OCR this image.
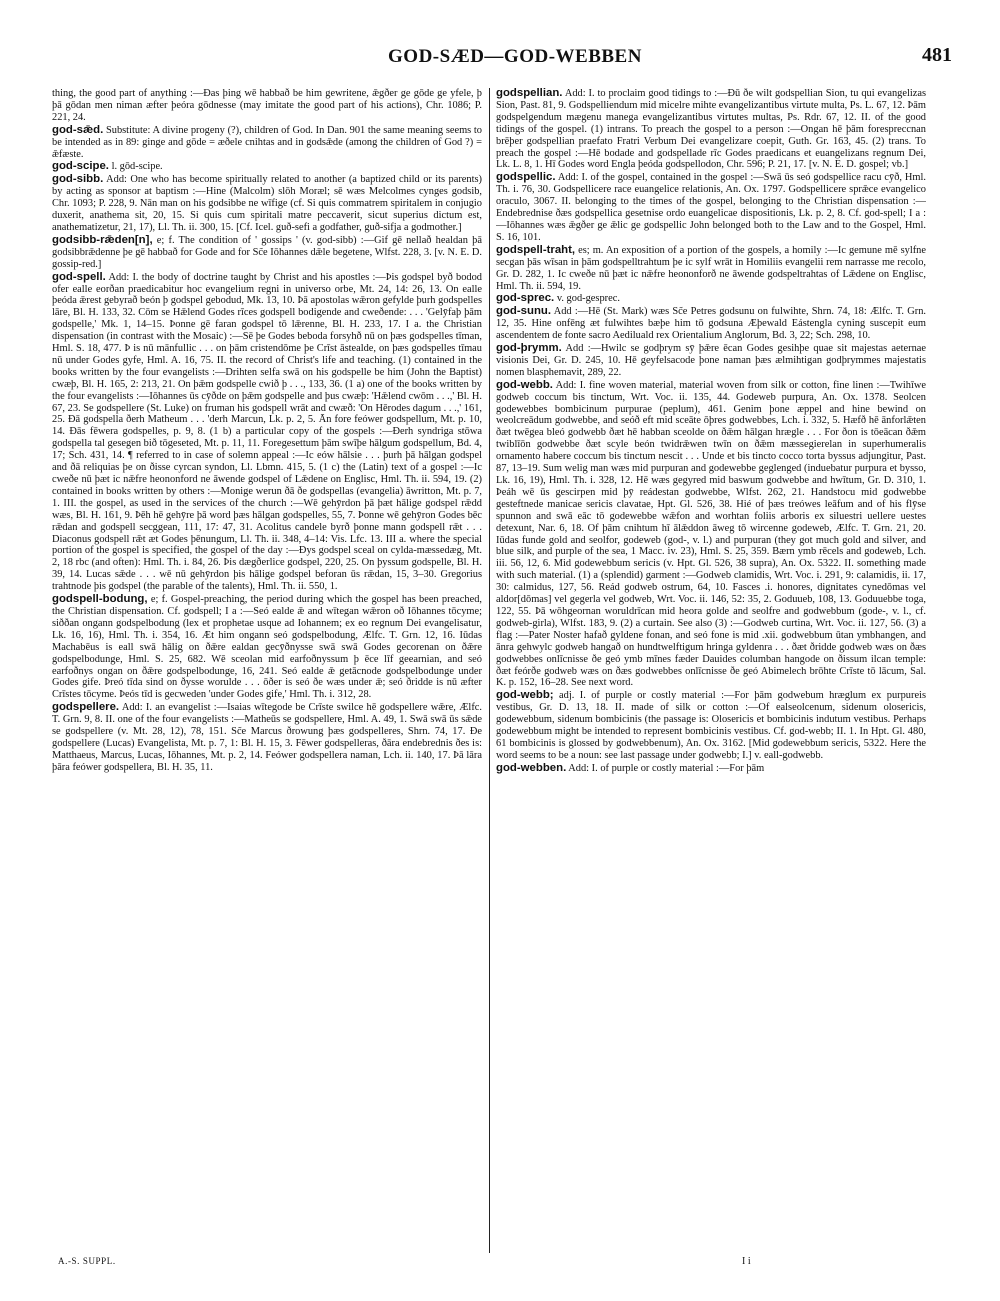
GOD-SÆD—GOD-WEBBEN	481

thing, the good part of anything :—Ðas þing wē habbað be him gewritene, ǣgðer ge gōde ge yfele, þ þā gōdan men niman æfter þeóra gōdnesse (may imitate the good part of his actions), Chr. 1086; P. 221, 24.

god-sǣd. Substitute: A divine progeny (?), children of God. In Dan. 901 the same meaning seems to be intended as in 89: ginge and gōde = æðele cnihtas and in godsǣde (among the children of God ?) = ǣfæste.

god-scipe. l. gōd-scipe.

god-sibb. Add: One who has become spiritually related to another (a baptized child or its parents) by acting as sponsor at baptism :—Hine (Malcolm) slōh Moræl; sē wæs Melcolmes cynges godsib, Chr. 1093; P. 228, 9. Nān man on his godsibbe ne wīfige (cf. Si quis commatrem spiritalem in conjugio duxerit, anathema sit, 20, 15. Si quis cum spiritali matre peccaverit, sicut superius dictum est, anathematizetur, 21, 17), Ll. Th. ii. 300, 15. [Cf. Icel. guð-sefi a godfather, guð-sifja a godmother.]

godsibb-rǣden[n], e; f. The condition of ' gossips ' (v. god-sibb) :—Gif gē nellað healdan þā godsibbrǣdenne þe gē habbað for Gode and for Sc̃e Iōhannes dǣle begetene, Wlfst. 228, 3. [v. N. E. D. gossip-red.]

god-spell. Add: I. the body of doctrine taught by Christ and his apostles :—Þis godspel byð bodod ofer ealle eorðan praedicabitur hoc evangelium regni in universo orbe, Mt. 24, 14: 26, 13. On ealle þeóda ǣrest gebyrað beón þ godspel gebodud, Mk. 13, 10. Þā apostolas wǣron gefylde þurh godspelles lāre, Bl. H. 133, 32. Cōm se Hǣlend Godes rīces godspell bodigende and cweðende: . . . 'Gelȳfaþ þām godspelle,' Mk. 1, 14–15. Þonne gē faran godspel tō lǣrenne, Bl. H. 233, 17. I a. the Christian dispensation (in contrast with the Mosaic) :—Sē þe Godes beboda forsyhð nū on þæs godspelles tīman, Hml. S. 18, 477. Þ is nū mānfullic . . . on þām cristendōme þe Crīst āstealde, on þæs godspelles tīmau nū under Godes gyfe, Hml. A. 16, 75. II. the record of Christ's life and teaching. (1) contained in the books written by the four evangelists :—Drihten selfa swā on his godspelle be him (John the Baptist) cwæþ, Bl. H. 165, 2: 213, 21. On þǣm godspelle cwið þ . . ., 133, 36. (1 a) one of the books written by the four evangelists :—Iōhannes ūs cȳðde on þǣm godspelle and þus cwæþ: 'Hǣlend cwōm . . .,' Bl. H. 67, 23. Se godspellere (St. Luke) on fruman his godspell wrāt and cwæð: 'On Hērodes dagum . . .,' 161, 25. Ðā godspella ðerh Matheum . . . 'derh Marcun, Lk. p. 2, 5. Ān fore feówer godspellum, Mt. p. 10, 14. Ðās fēwera godspelles, p. 9, 8. (1 b) a particular copy of the gospels :—Ðerh syndriga stōwa godspella tal gesegen bið tōgeseted, Mt. p. 11, 11. Foregesettum þām swīþe hālgum godspellum, Bd. 4, 17; Sch. 431, 14. ¶ referred to in case of solemn appeal :—Ic eów hālsie . . . þurh þā hālgan godspel and ðā reliquias þe on ðisse cyrcan syndon, Ll. Lbmn. 415, 5. (1 c) the (Latin) text of a gospel :—Ic cweðe nū þæt ic nǣfre heononford ne āwende godspel of Lǣdene on Englisc, Hml. Th. ii. 594, 19. (2) contained in books written by others :—Monige werun ðā ðe godspellas (evangelia) āwritton, Mt. p. 7, 1. III. the gospel, as used in the services of the church :—Wē gehȳrdon þā þæt hālige godspel rǣdd wæs, Bl. H. 161, 9. Þēh hē gehȳre þā word þæs hālgan godspelles, 55, 7. Þonne wē gehȳron Godes bēc rǣdan and godspell secggean, 111, 17: 47, 31. Acolitus candele byrð þonne mann godspell rǣt . . . Diaconus godspell rǣt æt Godes þēnungum, Ll. Th. ii. 348, 4–14: Vis. Lfc. 13. III a. where the special portion of the gospel is specified, the gospel of the day :—Ðys godspel sceal on cylda-mæssedæg, Mt. 2, 18 rbc (and often): Hml. Th. i. 84, 26. Þis dægðerlice godspel, 220, 25. On þyssum godspelle, Bl. H. 39, 14. Lucas sǣde . . . wē nū gehȳrdon þis hālige godspel beforan ūs rǣdan, 15, 3–30. Gregorius trahtnode þis godspel (the parable of the talents), Hml. Th. ii. 550, 1.

godspell-bodung, e; f. Gospel-preaching, the period during which the gospel has been preached, the Christian dispensation. Cf. godspell; I a :—Seó ealde ǣ and wītegan wǣron oð Iōhannes tōcyme; siððan ongann godspelbodung (lex et prophetae usque ad Iohannem; ex eo regnum Dei evangelisatur, Lk. 16, 16), Hml. Th. i. 354, 16. Æt him ongann seó godspelbodung, Ælfc. T. Grn. 12, 16. Iūdas Machabēus is eall swā hālig on ðǣre ealdan gecȳðnysse swā swā Godes gecorenan on ðǣre godspelbodunge, Hml. S. 25, 682. Wē sceolan mid earfoðnyssum þ ēce līf geearnian, and seó earfoðnys ongan on ðǣre godspelbodunge, 16, 241. Seó ealde ǣ getācnode godspelbodunge under Godes gife. Þreó tīda sind on ðysse woruldе . . . ōðer is seó ðe wæs under ǣ; seó ðridde is nū æfter Crīstes tōcyme. Þeós tīd is gecweden 'under Godes gife,' Hml. Th. i. 312, 28.

godspellere. Add: I. an evangelist :—Isaias wītegode be Crīste swilce hē godspellere wǣre, Ælfc. T. Grn. 9, 8. II. one of the four evangelists :—Matheūs se godspellere, Hml. A. 49, 1. Swā swā ūs sǣde se godspellere (v. Mt. 28, 12), 78, 151. Sc̃e Marcus ðrowung þæs godspelleres, Shrn. 74, 17. Ðe godspellere (Lucas) Evangelista, Mt. p. 7, 1: Bl. H. 15, 3. Fēwer godspelleras, ðāra endebrednis ðes is: Matthaeus, Marcus, Lucas, Iōhannes, Mt. p. 2, 14. Feówer godspellera naman, Lch. ii. 140, 17. Þā lāra þāra feówer godspellera, Bl. H. 35, 11.

godspellian. Add: I. to proclaim good tidings to :—Ðū ðe wilt godspellian Sion, tu qui evangelizas Sion, Past. 81, 9. Godspelliendum mid micelre mihte evangelizantibus virtute multa, Ps. L. 67, 12. Þām godspelgendum mægenu manega evangelizantibus virtutes multas, Ps. Rdr. 67, 12. II. of the good tidings of the gospel. (1) intrans. To preach the gospel to a person :—Ongan hē þām forespreccnan brēþer godspellian praefato Fratri Verbum Dei evangelizare coepit, Guth. Gr. 163, 45. (2) trans. To preach the gospel :—Hē bodade and godspellade rīc Godes praedicans et euangelizans regnum Dei, Lk. L. 8, 1. Hī Godes word Engla þeóda godspellodon, Chr. 596; P. 21, 17. [v. N. E. D. gospel; vb.]

godspellic. Add: I. of the gospel, contained in the gospel :—Swā ūs seó godspellice racu cȳð, Hml. Th. i. 76, 30. Godspellicere race euangelice relationis, An. Ox. 1797. Godspellicere sprǣce evangelico oraculo, 3067. II. belonging to the times of the gospel, belonging to the Christian dispensation :—Endebrednise ðæs godspellica gesetnise ordo euangelicae dispositionis, Lk. p. 2, 8. Cf. god-spell; I a :—Iōhannes wæs ǣgðer ge ǣlic ge godspellic John belonged both to the Law and to the Gospel, Hml. S. 16, 101.

godspell-traht, es; m. An exposition of a portion of the gospels, a homily :—Ic gemune mē sylfne secgan þās wīsan in þām godspelltrahtum þe ic sylf wrāt in Homiliis evangelii rem narrasse me recolo, Gr. D. 282, 1. Ic cweðe nū þæt ic nǣfre heononforð ne āwende godspeltrahtas of Lǣdene on Englisc, Hml. Th. ii. 594, 19.

god-sprec. v. god-gesprec.

god-sunu. Add :—Hē (St. Mark) wæs Sc̃e Petres godsunu on fulwihte, Shrn. 74, 18: Ælfc. T. Grn. 12, 35. Hine onfēng æt fulwihtes bæþe him tō godsuna Æþewald Eástengla cyning suscepit eum ascendentem de fonte sacro Aediluald rex Orientalium Anglorum, Bd. 3, 22; Sch. 298, 10.

god-þrymm. Add :—Hwilc se godþrym sȳ þǣre ēcan Godes gesihþe quae sit majestas aeternae visionis Dei, Gr. D. 245, 10. Hē geyfelsacode þone naman þæs ælmihtigan godþrymmes majestatis nomen blasphemavit, 289, 22.

god-webb. Add: I. fine woven material, material woven from silk or cotton, fine linen :—Twihīwe godweb coccum bis tinctum, Wrt. Voc. ii. 135, 44. Godeweb purpura, An. Ox. 1378. Seolcen godewebbes bombicinum purpurae (peplum), 461. Genim þone æppel and hine bewind on weolcreādum godwebbe, and seóð eft mid sceāte ōþres godwebbes, Lch. i. 332, 5. Hæfð hē ānforlǣten ðæt twēgea bleó godwebb ðæt hē habban sceolde on ðǣm hālgan hrægle . . . For ðon is tōeācan ðǣm twiblīōn godwebbe ðæt scyle beón twidrǣwen twīn on ðǣm mæssegierelan in superhumeralis ornamento habere coccum bis tinctum nescit . . . Unde et bis tincto cocco torta byssus adjungitur, Past. 87, 13–19. Sum welig man wæs mid purpuran and godewebbe geglenged (induebatur purpura et bysso, Lk. 16, 19), Hml. Th. i. 328, 12. Hē wæs gegyred mid baswum godwebbe and hwītum, Gr. D. 310, 1. Þeáh wē ūs gescirpen mid þȳ reádestan godwebbe, Wlfst. 262, 21. Handstocu mid godwebbe gesteftnede manicae sericis clavatae, Hpt. Gl. 526, 38. Hié of þæs treówes leāfum and of his flȳse spunnon and swā eāc tō godewebbe wǣfon and worhtan foliis arboris ex siluestri uellere uestes detexunt, Nar. 6, 18. Of þām cnihtum hī ālǣddon āweg tō wircenne godeweb, Ælfc. T. Grn. 21, 20. Iūdas funde gold and seolfor, godeweb (god-, v. l.) and purpuran (they got much gold and silver, and blue silk, and purple of the sea, 1 Macc. iv. 23), Hml. S. 25, 359. Bærn ymb rēcels and godeweb, Lch. iii. 56, 12, 6. Mid godewebbum sericis (v. Hpt. Gl. 526, 38 supra), An. Ox. 5322. II. something made with such material. (1) a (splendid) garment :—Godweb clamidis, Wrt. Voc. i. 291, 9: calamidis, ii. 17, 30: calmidus, 127, 56. Reád godweb ostrum, 64, 10. Fasces .i. honores, dignitates cynedōmas vel aldor[dōmas] vel gegerla vel godweb, Wrt. Voc. ii. 146, 52: 35, 2. Goduueb, 108, 13. Goduuebbe toga, 122, 55. Þā wōhgeornan woruldrīcan mid heora golde and seolfre and godwebbum (gode-, v. l., cf. godweb-girla), Wlfst. 183, 9. (2) a curtain. See also (3) :—Godweb curtina, Wrt. Voc. ii. 127, 56. (3) a flag :—Pater Noster hafað gyldene fonan, and seó fone is mid .xii. godwebbum ūtan ymbhangen, and ānra gehwylc godweb hangað on hundtwelftigum hringa gyldenra . . . ðæt ðridde godweb wæs on ðæs godwebbes onlīcnisse ðe geó ymb mīnes fæder Dauides columban hangode on ðissum ilcan temple: ðæt feórðe godweb wæs on ðæs godwebbes onlīcnisse ðe geó Abimelech brōhte Crīste tō lācum, Sal. K. p. 152, 16–28. See next word.

god-webb; adj. I. of purple or costly material :—For þām godwebum hræglum ex purpureis vestibus, Gr. D. 13, 18. II. made of silk or cotton :—Of ealseolcenum, sidenum olosericis, godewebbum, sidenum bombicinis (the passage is: Olosericis et bombicinis indutum vestibus. Perhaps godewebbum might be intended to represent bombicinis vestibus. Cf. god-webb; II. 1. In Hpt. Gl. 480, 61 bombicinis is glossed by godwebbenum), An. Ox. 3162. [Mid godewebbum sericis, 5322. Here the word seems to be a noun: see last passage under godwebb; I.] v. eall-godwebb.

god-webben. Add: I. of purple or costly material :—For þām

A.-S. SUPPL.	I i
